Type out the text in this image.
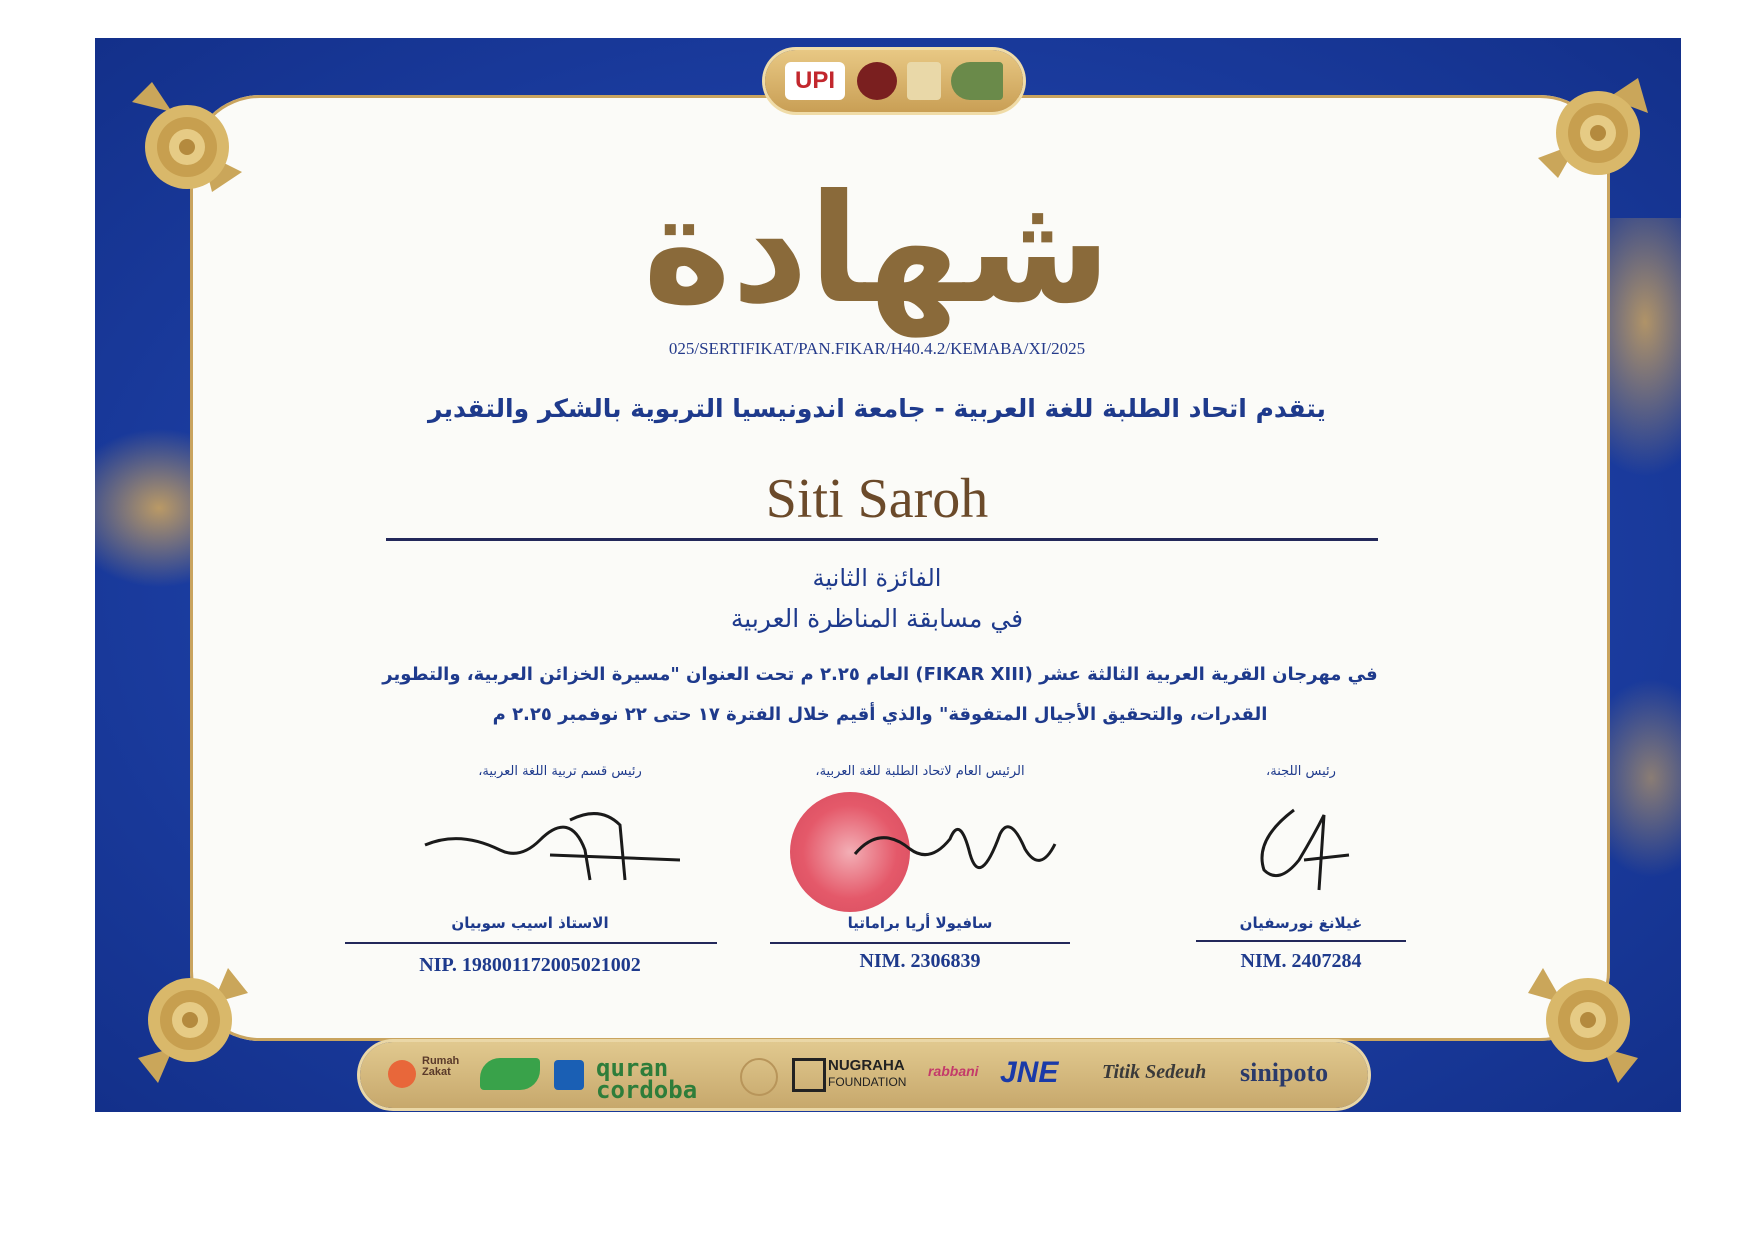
UPI
شهادة
025/SERTIFIKAT/PAN.FIKAR/H40.4.2/KEMABA/XI/2025
يتقدم اتحاد الطلبة للغة العربية - جامعة اندونيسيا التربوية بالشكر والتقدير
Siti Saroh
الفائزة الثانية
في مسابقة المناظرة العربية
في مهرجان القرية العربية الثالثة عشر (FIKAR XIII) العام ٢.٢٥ م تحت العنوان "مسيرة الخزائن العربية، والتطوير
القدرات، والتحقيق الأجيال المتفوقة" والذي أقيم خلال الفترة ١٧ حتى ٢٢ نوفمبر ٢.٢٥ م
رئيس قسم تربية اللغة العربية،
الاستاذ اسيب سوبيان
NIP. 198001172005021002
الرئيس العام لاتحاد الطلبة للغة العربية،
سافيولا أريا براماتيا
NIM. 2306839
رئيس اللجنة،
غيلانغ نورسفيان
NIM. 2407284
Rumah Zakat	quran cordoba
NUGRAHA
FOUNDATION
rabbani JNE Titik Sedeuh sinipoto
